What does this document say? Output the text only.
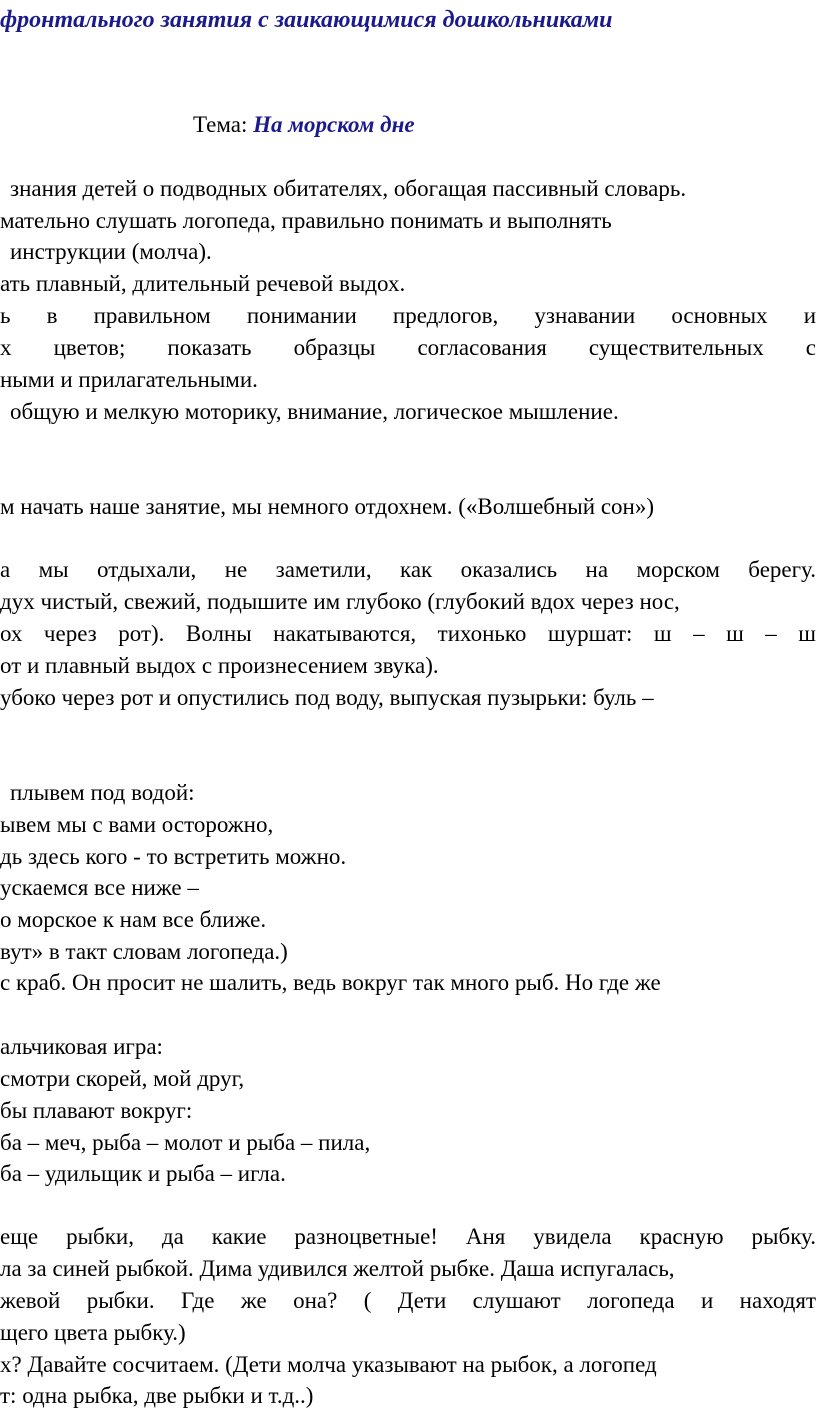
фронтального занятия с заикающимися дошкольниками
Тема: На морском дне
знания детей о подводных обитателях, обогащая пассивный словарь.
мательно слушать логопеда, правильно понимать и выполнять
инструкции (молча).
ать плавный, длительный речевой выдох.
ь в правильном понимании предлогов, узнавании основных и
х цветов; показать образцы согласования существительных с
ными и прилагательными.
общую и мелкую моторику, внимание, логическое мышление.
м начать наше занятие, мы немного отдохнем. («Волшебный сон»)
а мы отдыхали, не заметили, как оказались на морском берегу.
дух чистый, свежий, подышите им глубоко (глубокий вдох через нос,
ох через рот). Волны накатываются, тихонько шуршат: ш – ш – ш
от и плавный выдох с произнесением звука).
убоко через рот и опустились под воду, выпуская пузырьки: буль –
плывем под водой:
ывем мы с вами осторожно,
дь здесь кого - то встретить можно.
ускаемся все ниже –
о морское к нам все ближе.
вут» в такт словам логопеда.)
с краб. Он просит не шалить, ведь вокруг так много рыб. Но где же
альчиковая игра:
смотри скорей, мой друг,
бы плавают вокруг:
ба – меч, рыба – молот и рыба – пила,
ба – удильщик и рыба – игла.
еще рыбки, да какие разноцветные! Аня увидела красную рыбку.
ла за синей рыбкой. Дима удивился желтой рыбке. Даша испугалась,
жевой рыбки. Где же она? ( Дети слушают логопеда и находят
щего цвета рыбку.)
х? Давайте сосчитаем. (Дети молча указывают на рыбок, а логопед
т: одна рыбка, две рыбки и т.д..)
